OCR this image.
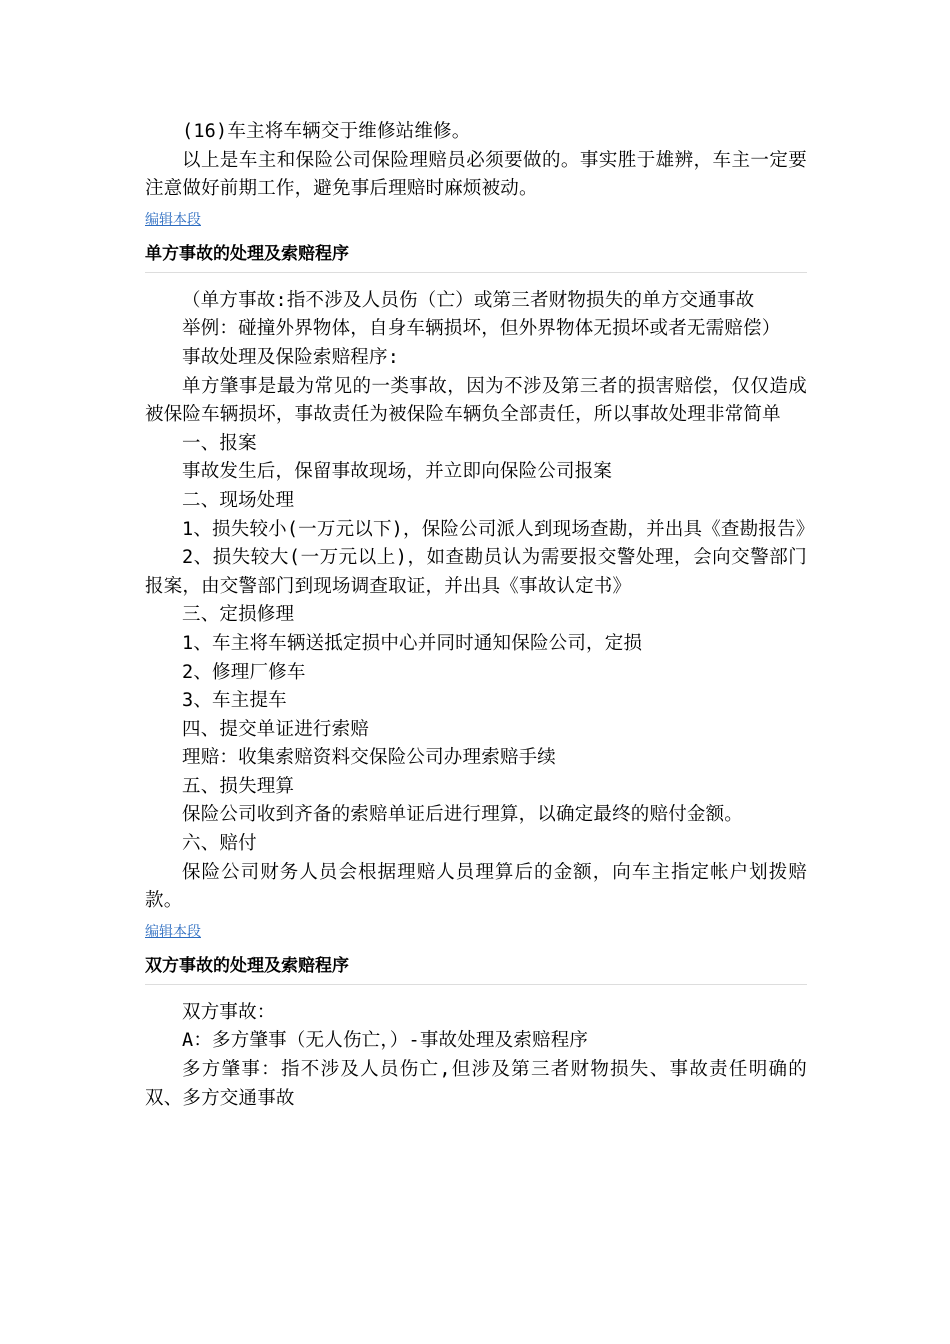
(16)车主将车辆交于维修站维修。

以上是车主和保险公司保险理赔员必须要做的。事实胜于雄辨，车主一定要注意做好前期工作，避免事后理赔时麻烦被动。

编辑本段
单方事故的处理及索赔程序

（单方事故:指不涉及人员伤（亡）或第三者财物损失的单方交通事故

举例：碰撞外界物体，自身车辆损坏，但外界物体无损坏或者无需赔偿）

事故处理及保险索赔程序:

单方肇事是最为常见的一类事故，因为不涉及第三者的损害赔偿，仅仅造成被保险车辆损坏，事故责任为被保险车辆负全部责任，所以事故处理非常简单

一、报案

事故发生后，保留事故现场，并立即向保险公司报案

二、现场处理

1、损失较小(一万元以下)，保险公司派人到现场查勘，并出具《查勘报告》

2、损失较大(一万元以上)，如查勘员认为需要报交警处理，会向交警部门报案，由交警部门到现场调查取证，并出具《事故认定书》

三、定损修理

1、车主将车辆送抵定损中心并同时通知保险公司，定损

2、修理厂修车

3、车主提车

四、提交单证进行索赔

理赔：收集索赔资料交保险公司办理索赔手续

五、损失理算

保险公司收到齐备的索赔单证后进行理算，以确定最终的赔付金额。

六、赔付

保险公司财务人员会根据理赔人员理算后的金额，向车主指定帐户划拨赔款。

编辑本段
双方事故的处理及索赔程序

双方事故：

A：多方肇事（无人伤亡，）-事故处理及索赔程序

多方肇事：指不涉及人员伤亡,但涉及第三者财物损失、事故责任明确的双、多方交通事故
